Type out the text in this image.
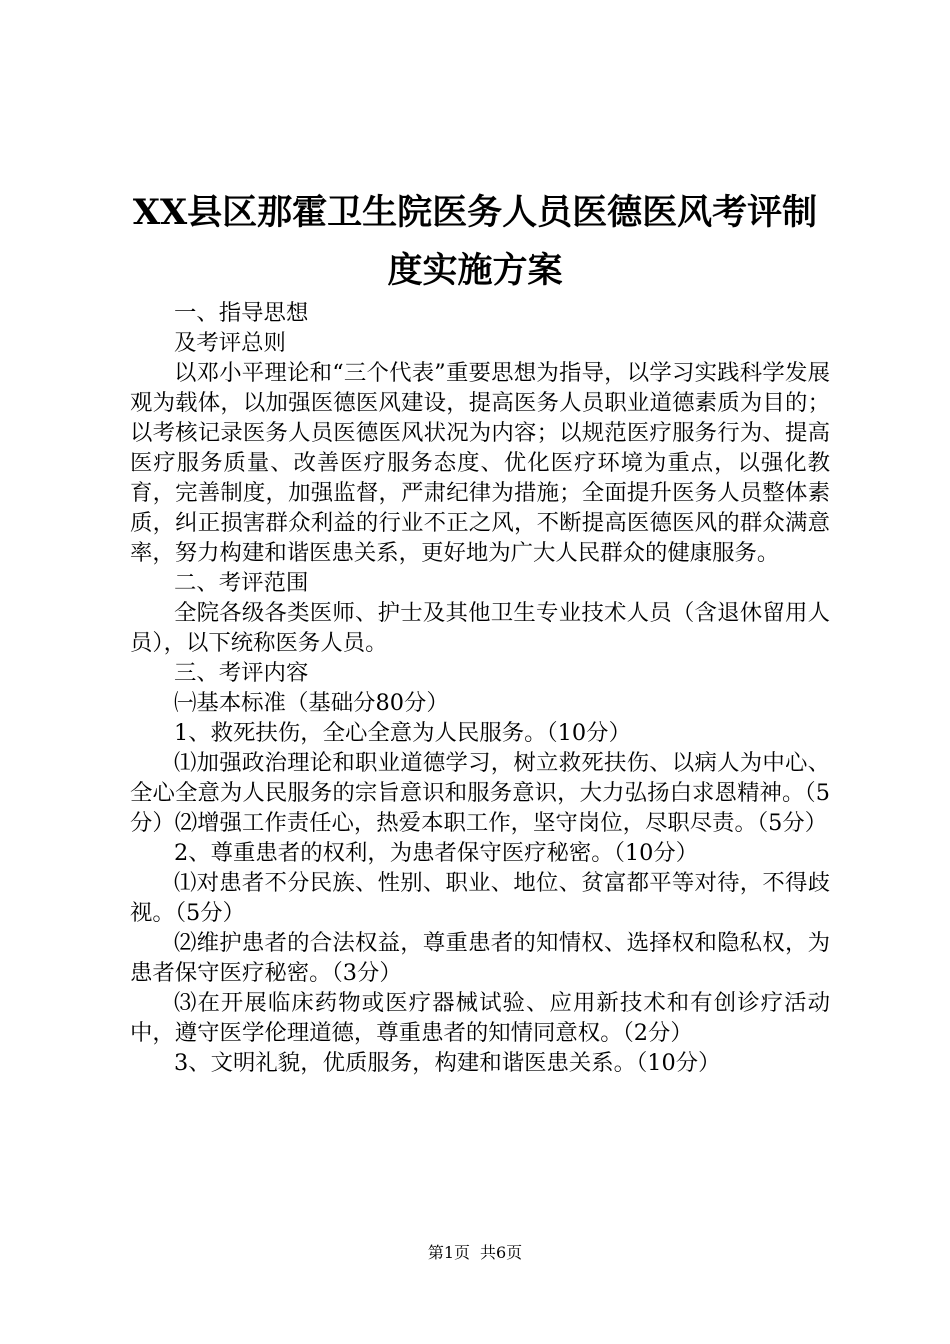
XX县区那霍卫生院医务人员医德医风考评制
度实施方案

一、指导思想

及考评总则

以邓小平理论和“三个代表”重要思想为指导，以学习实践科学发展观为载体，以加强医德医风建设，提高医务人员职业道德素质为目的；以考核记录医务人员医德医风状况为内容；以规范医疗服务行为、提高医疗服务质量、改善医疗服务态度、优化医疗环境为重点，以强化教育，完善制度，加强监督，严肃纪律为措施；全面提升医务人员整体素质，纠正损害群众利益的行业不正之风，不断提高医德医风的群众满意率，努力构建和谐医患关系，更好地为广大人民群众的健康服务。

二、考评范围

全院各级各类医师、护士及其他卫生专业技术人员（含退休留用人员），以下统称医务人员。

三、考评内容

㈠基本标准（基础分80分）

1、救死扶伤，全心全意为人民服务。（10分）

⑴加强政治理论和职业道德学习，树立救死扶伤、以病人为中心、全心全意为人民服务的宗旨意识和服务意识，大力弘扬白求恩精神。（5分）⑵增强工作责任心，热爱本职工作，坚守岗位，尽职尽责。（5分）

2、尊重患者的权利，为患者保守医疗秘密。（10分）

⑴对患者不分民族、性别、职业、地位、贫富都平等对待，不得歧视。（5分）

⑵维护患者的合法权益，尊重患者的知情权、选择权和隐私权，为患者保守医疗秘密。（3分）

⑶在开展临床药物或医疗器械试验、应用新技术和有创诊疗活动中，遵守医学伦理道德，尊重患者的知情同意权。（2分）

3、文明礼貌，优质服务，构建和谐医患关系。（10分）

第1页 共6页
